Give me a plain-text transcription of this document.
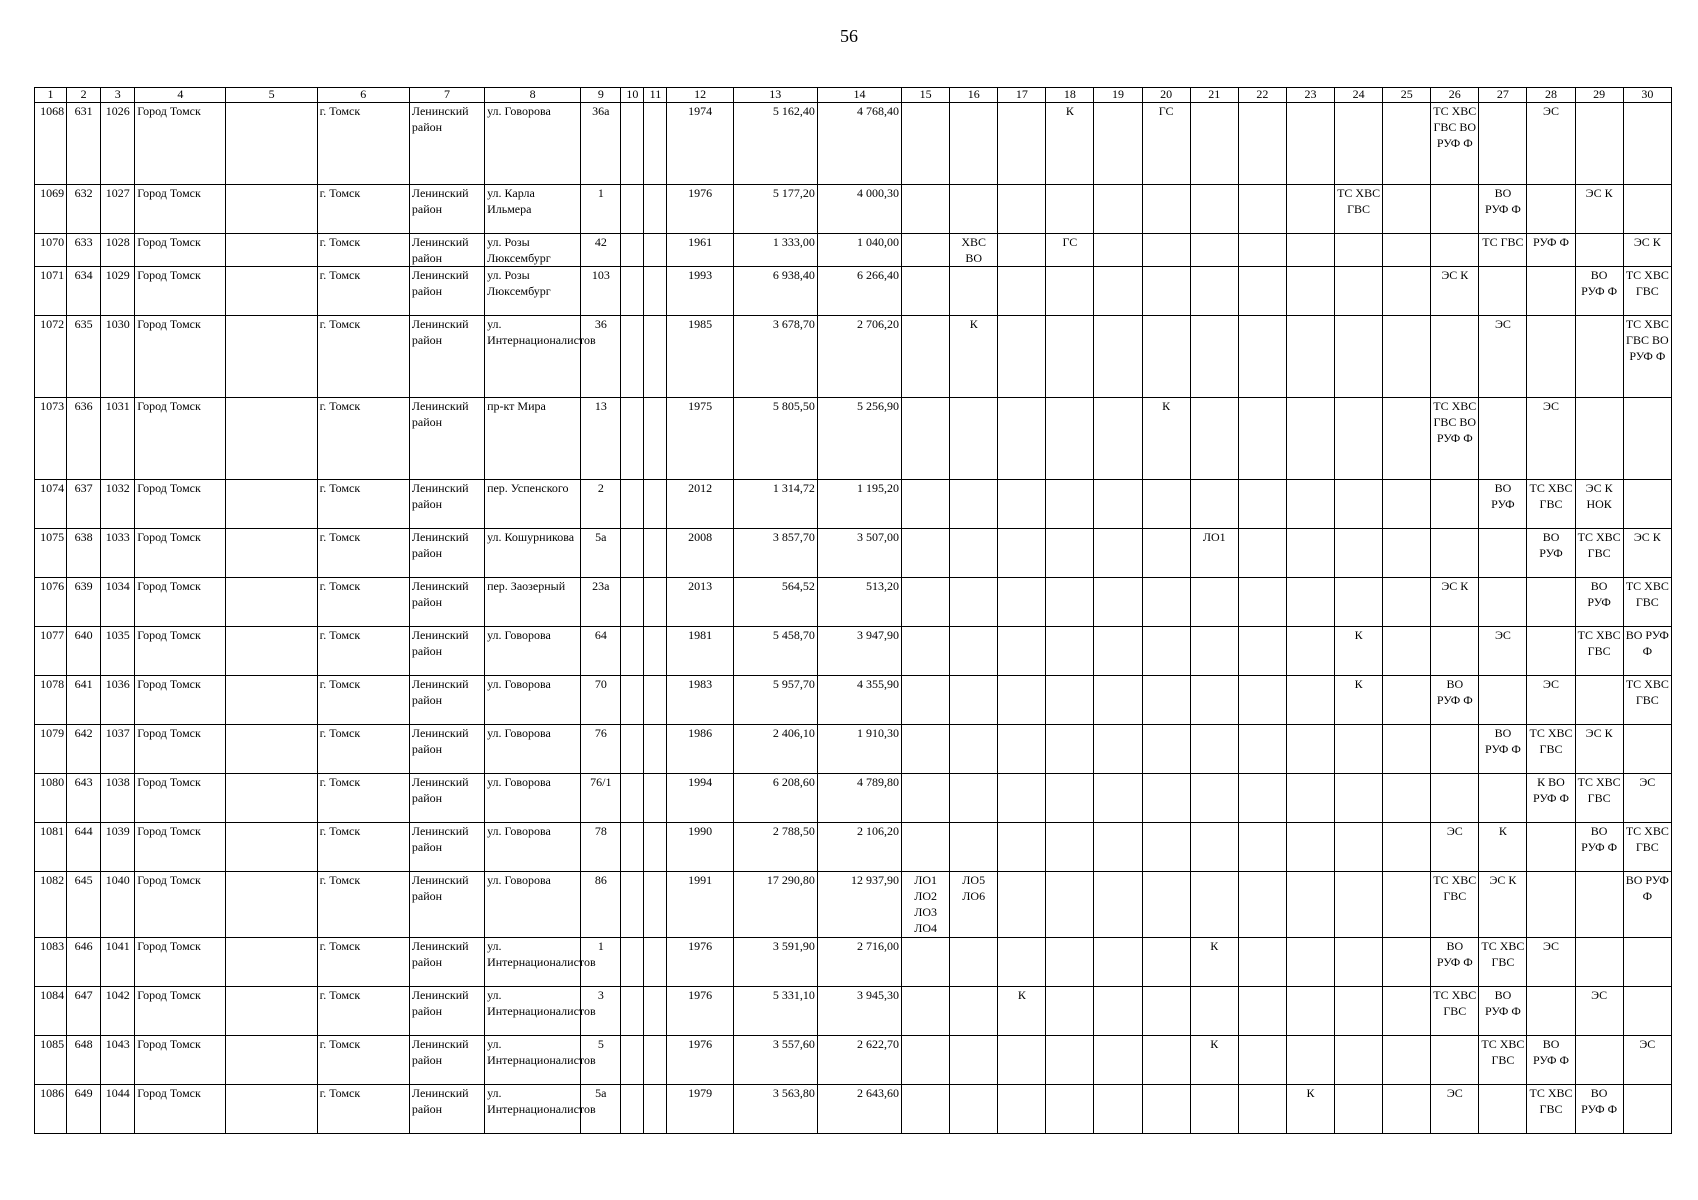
56
1	2	3	4	5	6	7	8	9	10	11	12	13	14	15	16	17	18	19	20	21	22	23	24	25	26	27	28	29	30
1068	631	1026	Город Томск		г. Томск	Ленинский район	ул. Говорова	36а			1974	5 162,40	4 768,40				К		ГС						ТС ХВС ГВС ВО РУФ Ф		ЭС		
1069	632	1027	Город Томск		г. Томск	Ленинский район	ул. Карла Ильмера	1			1976	5 177,20	4 000,30										ТС ХВС ГВС			ВО РУФ Ф		ЭС К	
1070	633	1028	Город Томск		г. Томск	Ленинский район	ул. Розы Люксембург	42			1961	1 333,00	1 040,00		ХВС ВО		ГС									ТС ГВС	РУФ Ф		ЭС К
1071	634	1029	Город Томск		г. Томск	Ленинский район	ул. Розы Люксембург	103			1993	6 938,40	6 266,40												ЭС К			ВО РУФ Ф	ТС ХВС ГВС
1072	635	1030	Город Томск		г. Томск	Ленинский район	ул. Интернационалистов	36			1985	3 678,70	2 706,20		К											ЭС			ТС ХВС ГВС ВО РУФ Ф
1073	636	1031	Город Томск		г. Томск	Ленинский район	пр-кт Мира	13			1975	5 805,50	5 256,90						К						ТС ХВС ГВС ВО РУФ Ф		ЭС		
1074	637	1032	Город Томск		г. Томск	Ленинский район	пер. Успенского	2			2012	1 314,72	1 195,20													ВО РУФ	ТС ХВС ГВС	ЭС К НОК	
1075	638	1033	Город Томск		г. Томск	Ленинский район	ул. Кошурникова	5а			2008	3 857,70	3 507,00							ЛО1							ВО РУФ	ТС ХВС ГВС	ЭС К
1076	639	1034	Город Томск		г. Томск	Ленинский район	пер. Заозерный	23а			2013	564,52	513,20												ЭС К			ВО РУФ	ТС ХВС ГВС
1077	640	1035	Город Томск		г. Томск	Ленинский район	ул. Говорова	64			1981	5 458,70	3 947,90										К			ЭС		ТС ХВС ГВС	ВО РУФ Ф
1078	641	1036	Город Томск		г. Томск	Ленинский район	ул. Говорова	70			1983	5 957,70	4 355,90										К		ВО РУФ Ф		ЭС		ТС ХВС ГВС
1079	642	1037	Город Томск		г. Томск	Ленинский район	ул. Говорова	76			1986	2 406,10	1 910,30													ВО РУФ Ф	ТС ХВС ГВС	ЭС К	
1080	643	1038	Город Томск		г. Томск	Ленинский район	ул. Говорова	76/1			1994	6 208,60	4 789,80														К ВО РУФ Ф	ТС ХВС ГВС	ЭС
1081	644	1039	Город Томск		г. Томск	Ленинский район	ул. Говорова	78			1990	2 788,50	2 106,20												ЭС	К		ВО РУФ Ф	ТС ХВС ГВС
1082	645	1040	Город Томск		г. Томск	Ленинский район	ул. Говорова	86			1991	17 290,80	12 937,90	ЛО1 ЛО2 ЛО3 ЛО4	ЛО5 ЛО6										ТС ХВС ГВС	ЭС К			ВО РУФ Ф
1083	646	1041	Город Томск		г. Томск	Ленинский район	ул. Интернационалистов	1			1976	3 591,90	2 716,00							К					ВО РУФ Ф	ТС ХВС ГВС	ЭС		
1084	647	1042	Город Томск		г. Томск	Ленинский район	ул. Интернационалистов	3			1976	5 331,10	3 945,30			К									ТС ХВС ГВС	ВО РУФ Ф		ЭС	
1085	648	1043	Город Томск		г. Томск	Ленинский район	ул. Интернационалистов	5			1976	3 557,60	2 622,70							К						ТС ХВС ГВС	ВО РУФ Ф		ЭС
1086	649	1044	Город Томск		г. Томск	Ленинский район	ул. Интернационалистов	5а			1979	3 563,80	2 643,60									К			ЭС		ТС ХВС ГВС	ВО РУФ Ф	
